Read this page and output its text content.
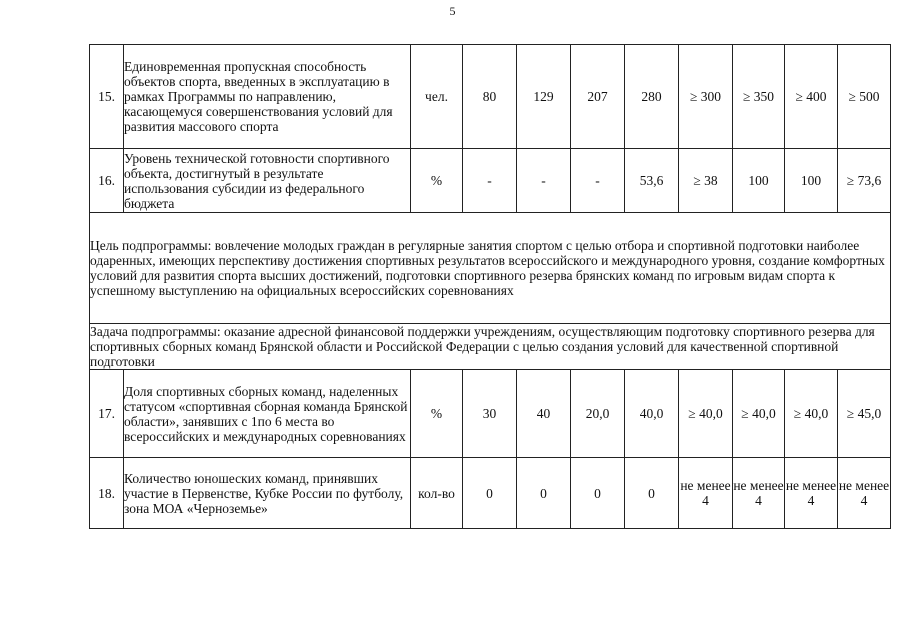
5
15.	Единовременная пропускная способность объектов спорта, введенных в эксплуатацию в рамках Программы по направлению, касающемуся совершенствования условий для развития массового спорта	чел.	80	129	207	280	≥ 300	≥ 350	≥ 400	≥ 500
16.	Уровень технической готовности спортивного объекта, достигнутый в результате использования субсидии из федерального бюджета	%	-	-	-	53,6	≥ 38	100	100	≥ 73,6
Цель подпрограммы: вовлечение молодых граждан в регулярные занятия спортом с целью отбора и спортивной подготовки наиболее одаренных, имеющих перспективу достижения спортивных результатов всероссийского и международного уровня, создание комфортных условий для развития спорта высших достижений, подготовки спортивного резерва брянских команд по игровым видам спорта к успешному выступлению на официальных всероссийских соревнованиях										
Задача подпрограммы: оказание адресной финансовой поддержки учреждениям, осуществляющим подготовку спортивного резерва для спортивных сборных команд Брянской области и Российской Федерации с целью создания условий для качественной спортивной подготовки										
17.	Доля спортивных сборных команд, наделенных статусом «спортивная сборная команда Брянской области», занявших с 1по 6 места во всероссийских и международных соревнованиях	%	30	40	20,0	40,0	≥ 40,0	≥ 40,0	≥ 40,0	≥ 45,0
18.	Количество юношеских команд, принявших участие в Первенстве, Кубке России по футболу, зона МОА «Черноземье»	кол-во	0	0	0	0	не менее 4	не менее 4	не менее 4	не менее 4
